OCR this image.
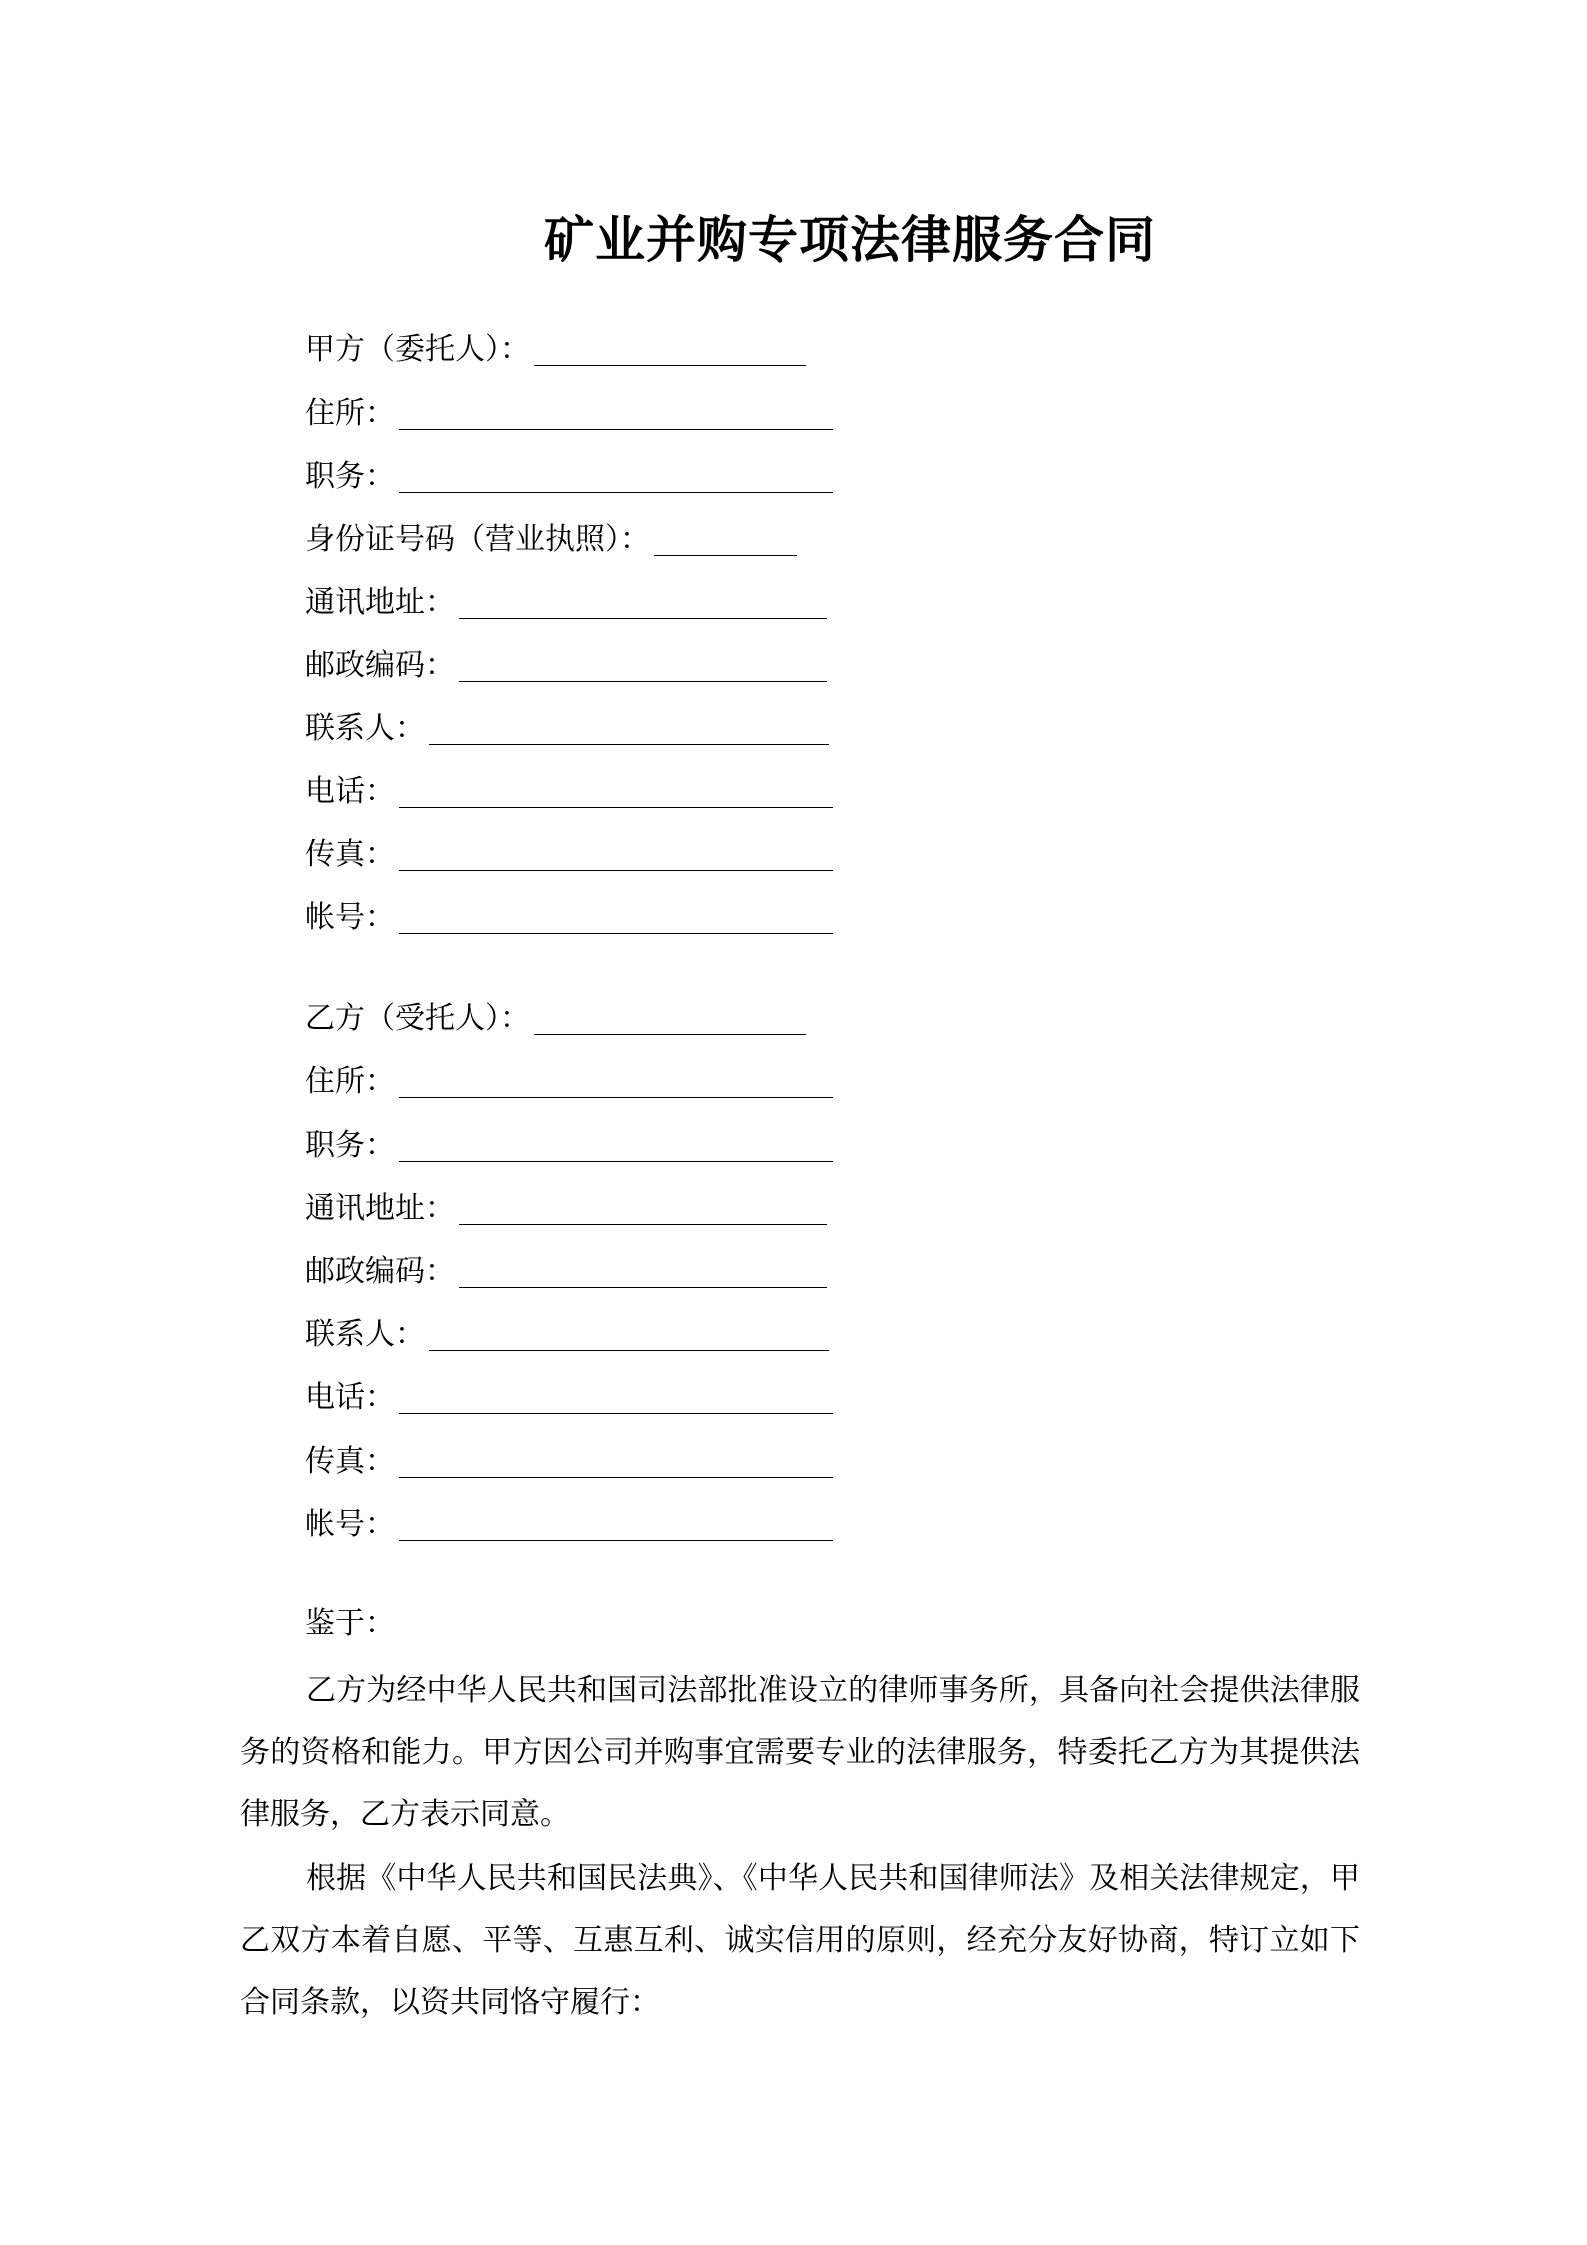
矿业并购专项法律服务合同
甲方（委托人）：
住所：
职务：
身份证号码（营业执照）：
通讯地址：
邮政编码：
联系人：
电话：
传真：
帐号：
乙方（受托人）：
住所：
职务：
通讯地址：
邮政编码：
联系人：
电话：
传真：
帐号：
鉴于：
乙方为经中华人民共和国司法部批准设立的律师事务所，具备向社会提供法律服务的资格和能力。甲方因公司并购事宜需要专业的法律服务，特委托乙方为其提供法律服务，乙方表示同意。
根据《中华人民共和国民法典》、《中华人民共和国律师法》及相关法律规定，甲乙双方本着自愿、平等、互惠互利、诚实信用的原则，经充分友好协商，特订立如下合同条款，以资共同恪守履行：
